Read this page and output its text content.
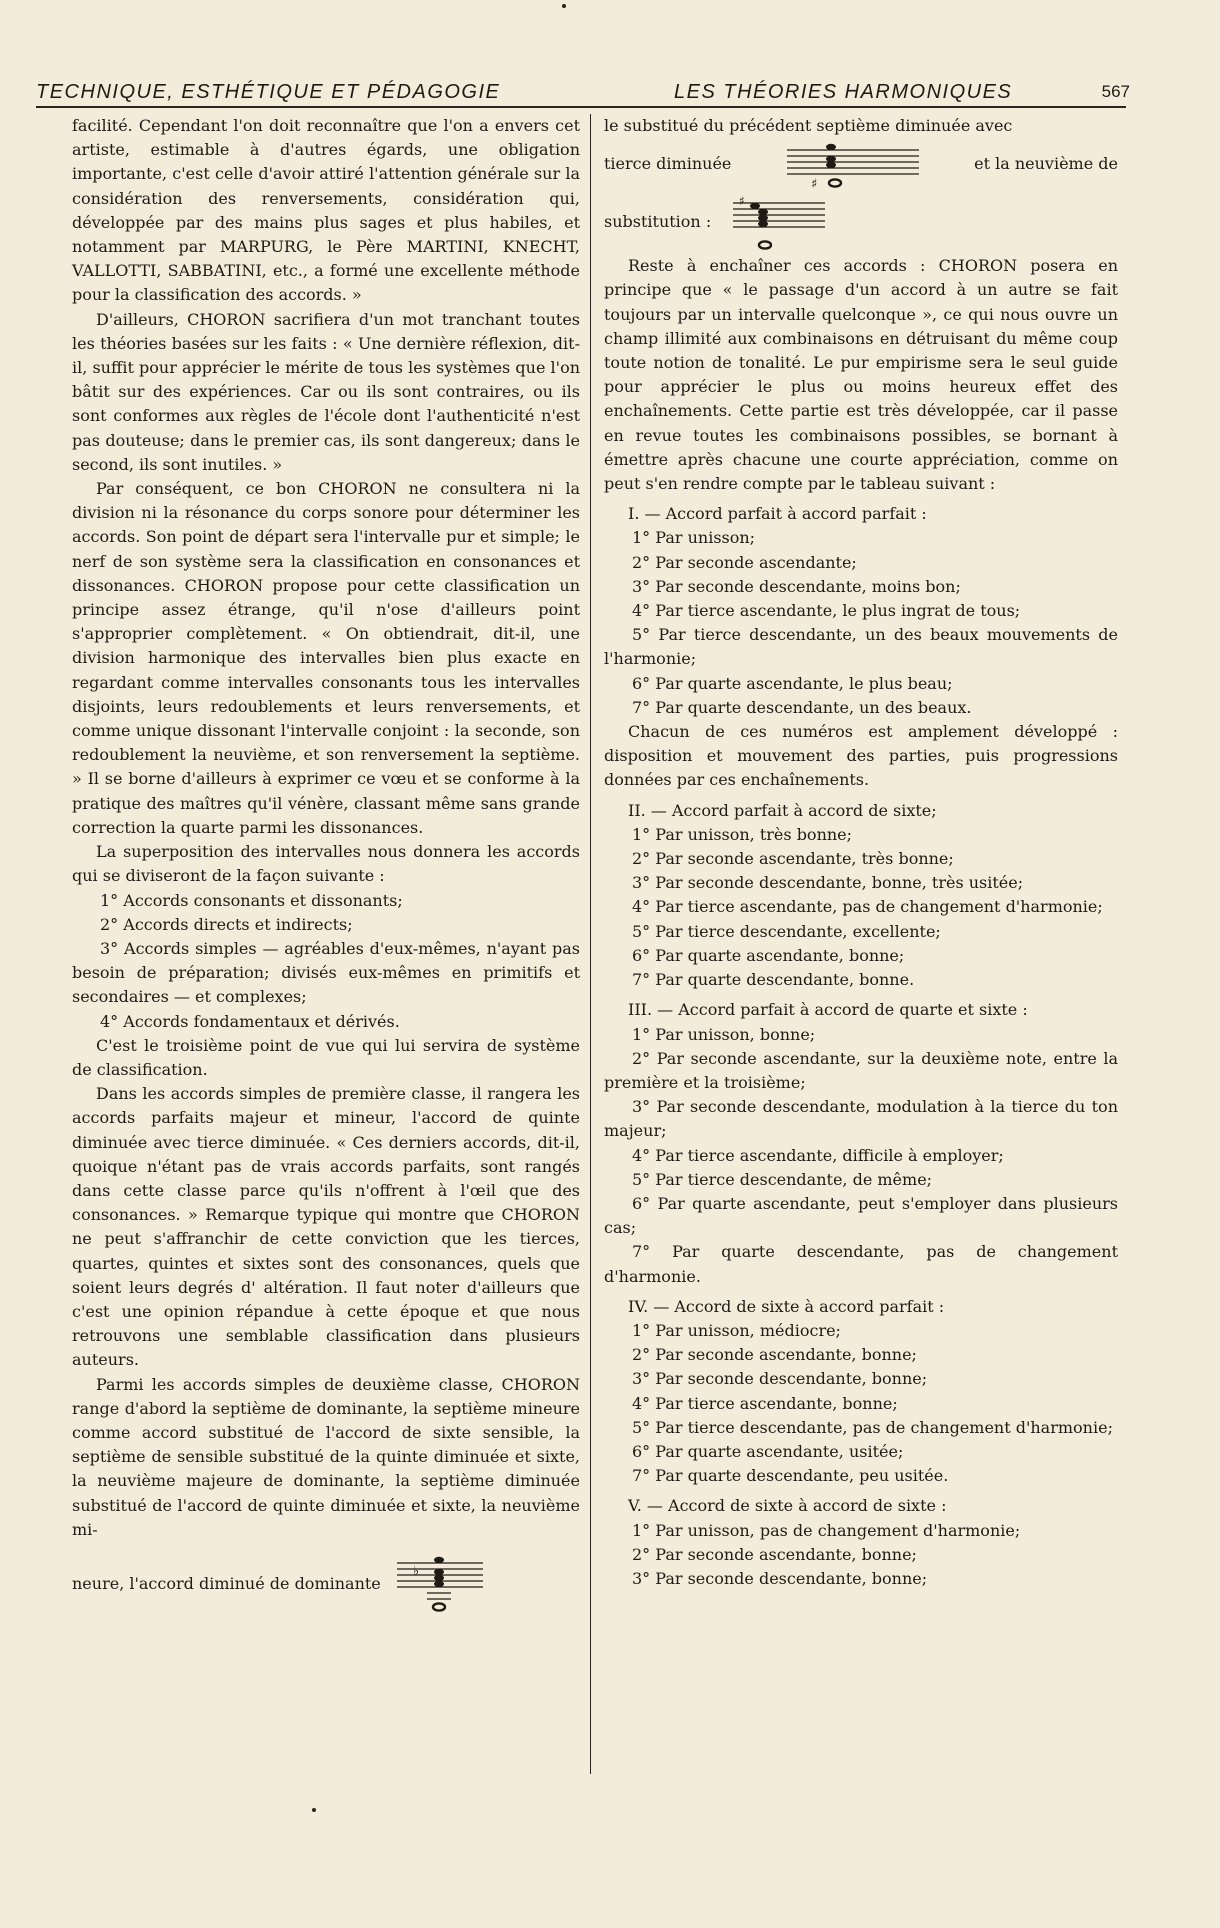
TECHNIQUE, ESTHÉTIQUE ET PÉDAGOGIE	LES THÉORIES HARMONIQUES	567

facilité. Cependant l'on doit reconnaître que l'on a envers cet artiste, estimable à d'autres égards, une obligation importante, c'est celle d'avoir attiré l'attention générale sur la considération des renversements, considération qui, développée par des mains plus sages et plus habiles, et notamment par MARPURG, le Père MARTINI, KNECHT, VALLOTTI, SABBATINI, etc., a formé une excellente méthode pour la classification des accords. »

D'ailleurs, CHORON sacrifiera d'un mot tranchant toutes les théories basées sur les faits : « Une dernière réflexion, dit-il, suffit pour apprécier le mérite de tous les systèmes que l'on bâtit sur des expériences. Car ou ils sont contraires, ou ils sont conformes aux règles de l'école dont l'authenticité n'est pas douteuse; dans le premier cas, ils sont dangereux; dans le second, ils sont inutiles. »

Par conséquent, ce bon CHORON ne consultera ni la division ni la résonance du corps sonore pour déterminer les accords. Son point de départ sera l'intervalle pur et simple; le nerf de son système sera la classification en consonances et dissonances. CHORON propose pour cette classification un principe assez étrange, qu'il n'ose d'ailleurs point s'approprier complètement. « On obtiendrait, dit-il, une division harmonique des intervalles bien plus exacte en regardant comme intervalles consonants tous les intervalles disjoints, leurs redoublements et leurs renversements, et comme unique dissonant l'intervalle conjoint : la seconde, son redoublement la neuvième, et son renversement la septième. » Il se borne d'ailleurs à exprimer ce vœu et se conforme à la pratique des maîtres qu'il vénère, classant même sans grande correction la quarte parmi les dissonances.

La superposition des intervalles nous donnera les accords qui se diviseront de la façon suivante :

1° Accords consonants et dissonants;
2° Accords directs et indirects;
3° Accords simples — agréables d'eux-mêmes, n'ayant pas besoin de préparation; divisés eux-mêmes en primitifs et secondaires — et complexes;
4° Accords fondamentaux et dérivés.

C'est le troisième point de vue qui lui servira de système de classification.

Dans les accords simples de première classe, il rangera les accords parfaits majeur et mineur, l'accord de quinte diminuée avec tierce diminuée. « Ces derniers accords, dit-il, quoique n'étant pas de vrais accords parfaits, sont rangés dans cette classe parce qu'ils n'offrent à l'œil que des consonances. » Remarque typique qui montre que CHORON ne peut s'affranchir de cette conviction que les tierces, quartes, quintes et sixtes sont des consonances, quels que soient leurs degrés d' altération. Il faut noter d'ailleurs que c'est une opinion répandue à cette époque et que nous retrouvons une semblable classification dans plusieurs auteurs.

Parmi les accords simples de deuxième classe, CHORON range d'abord la septième de dominante, la septième mineure comme accord substitué de l'accord de sixte sensible, la septième de sensible substitué de la quinte diminuée et sixte, la neuvième majeure de dominante, la septième diminuée substitué de l'accord de quinte diminuée et sixte, la neuvième mi-

neure, l'accord diminué de dominante
♭

le substitué du précédent septième diminuée avec

tierce diminuée
♯
et la neuvième de
substitution :
♯

Reste à enchaîner ces accords : CHORON posera en principe que « le passage d'un accord à un autre se fait toujours par un intervalle quelconque », ce qui nous ouvre un champ illimité aux combinaisons en détruisant du même coup toute notion de tonalité. Le pur empirisme sera le seul guide pour apprécier le plus ou moins heureux effet des enchaînements. Cette partie est très développée, car il passe en revue toutes les combinaisons possibles, se bornant à émettre après chacune une courte appréciation, comme on peut s'en rendre compte par le tableau suivant :

I. — Accord parfait à accord parfait :
1° Par unisson;
2° Par seconde ascendante;
3° Par seconde descendante, moins bon;
4° Par tierce ascendante, le plus ingrat de tous;
5° Par tierce descendante, un des beaux mouvements de l'harmonie;
6° Par quarte ascendante, le plus beau;
7° Par quarte descendante, un des beaux.

Chacun de ces numéros est amplement développé : disposition et mouvement des parties, puis progressions données par ces enchaînements.

II. — Accord parfait à accord de sixte;
1° Par unisson, très bonne;
2° Par seconde ascendante, très bonne;
3° Par seconde descendante, bonne, très usitée;
4° Par tierce ascendante, pas de changement d'harmonie;
5° Par tierce descendante, excellente;
6° Par quarte ascendante, bonne;
7° Par quarte descendante, bonne.
III. — Accord parfait à accord de quarte et sixte :
1° Par unisson, bonne;
2° Par seconde ascendante, sur la deuxième note, entre la première et la troisième;
3° Par seconde descendante, modulation à la tierce du ton majeur;
4° Par tierce ascendante, difficile à employer;
5° Par tierce descendante, de même;
6° Par quarte ascendante, peut s'employer dans plusieurs cas;
7° Par quarte descendante, pas de changement d'harmonie.
IV. — Accord de sixte à accord parfait :
1° Par unisson, médiocre;
2° Par seconde ascendante, bonne;
3° Par seconde descendante, bonne;
4° Par tierce ascendante, bonne;
5° Par tierce descendante, pas de changement d'harmonie;
6° Par quarte ascendante, usitée;
7° Par quarte descendante, peu usitée.
V. — Accord de sixte à accord de sixte :
1° Par unisson, pas de changement d'harmonie;
2° Par seconde ascendante, bonne;
3° Par seconde descendante, bonne;
